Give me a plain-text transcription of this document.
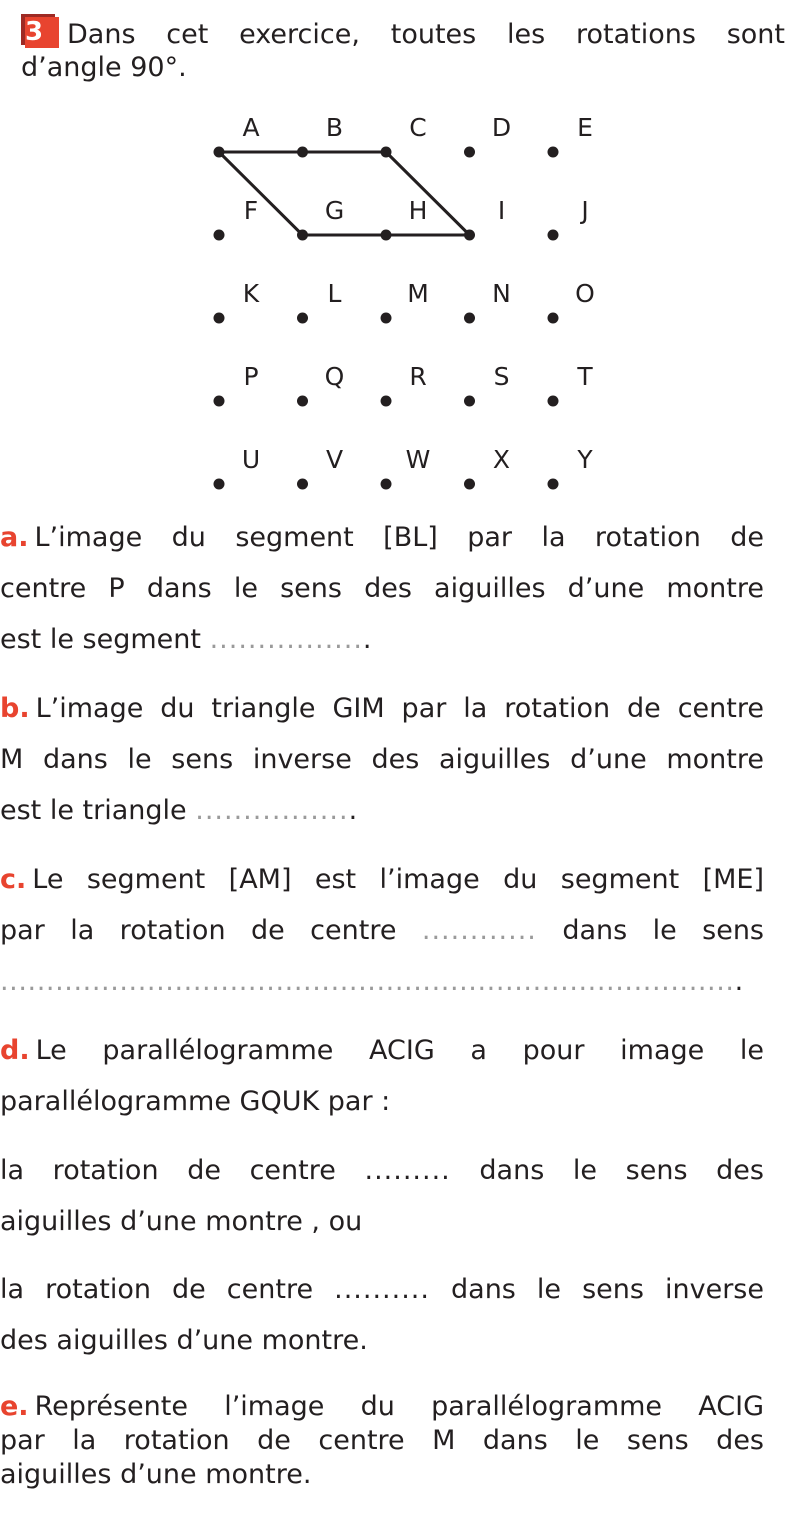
3 Dans cet exercice, toutes les rotations sont
d’angle 90°.
A	B	C	D	E
F	G	H	I	J
K	L	M	N	O
P	Q	R	S	T
U	V	W	X	Y
a. L’image du segment [BL] par la rotation de
centre P dans le sens des aiguilles d’une montre
est le segment .................
b. L’image du triangle GIM par la rotation de centre
M dans le sens inverse des aiguilles d’une montre
est le triangle .................
c. Le segment [AM] est l’image du segment [ME]
par la rotation de centre ............ dans le sens
.................................................................................
d. Le parallélogramme ACIG a pour image le
parallélogramme GQUK par :
la rotation de centre ......... dans le sens des
aiguilles d’une montre , ou
la rotation de centre .......... dans le sens inverse
des aiguilles d’une montre.
e. Représente l’image du parallélogramme ACIG
par la rotation de centre M dans le sens des
aiguilles d’une montre.
